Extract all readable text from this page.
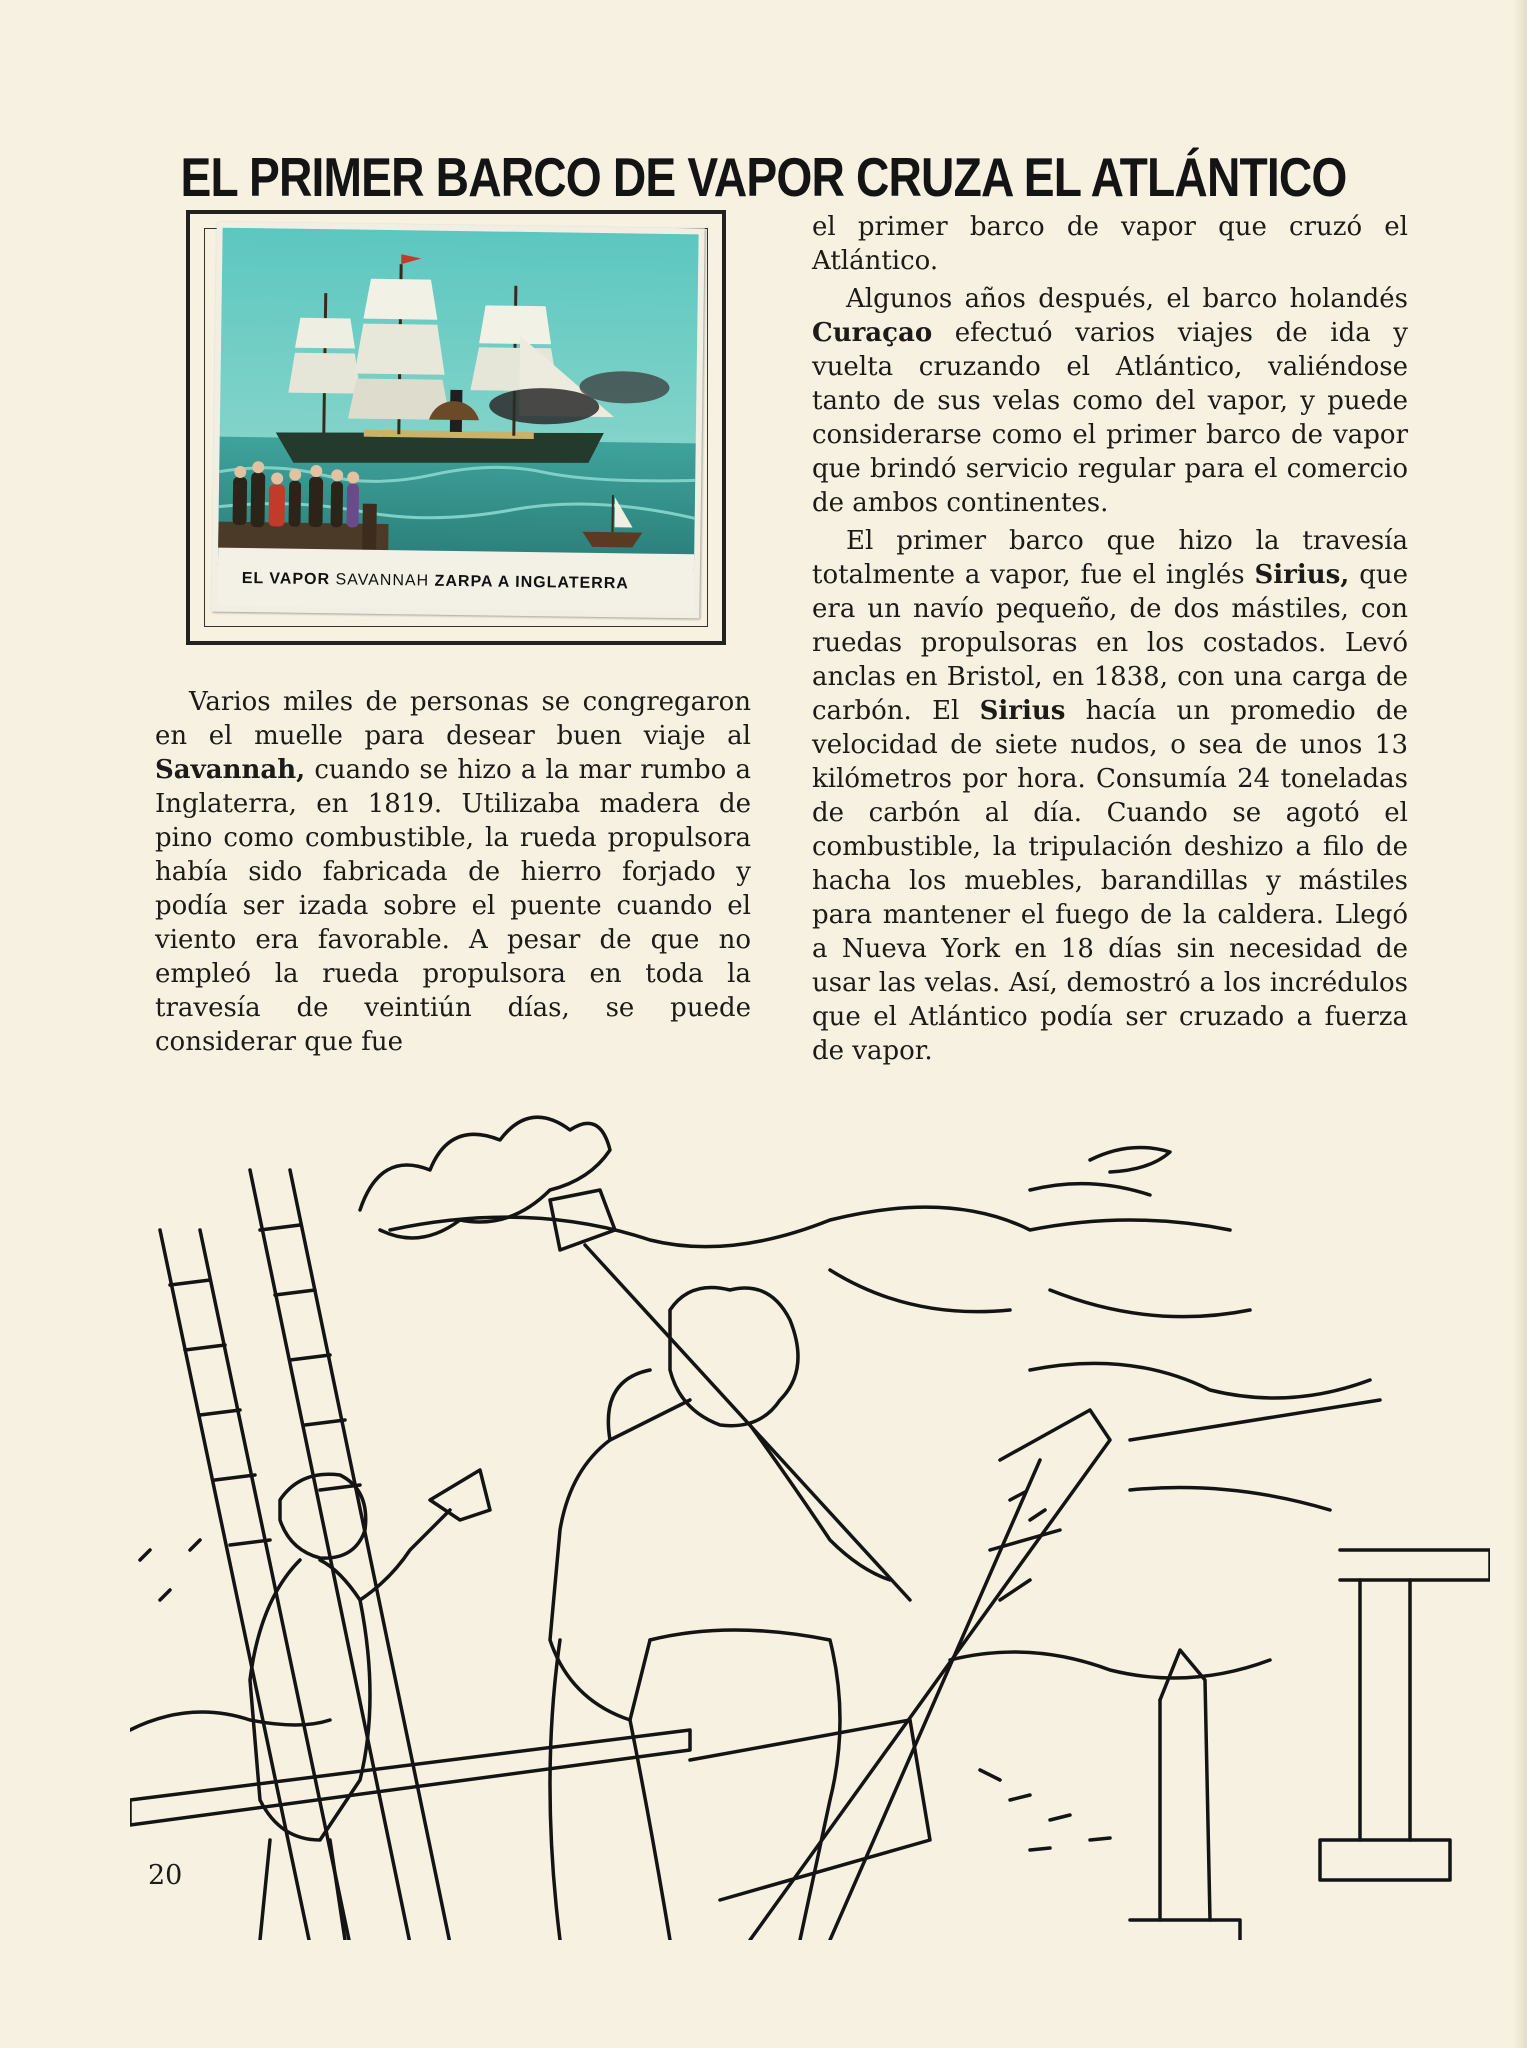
EL PRIMER BARCO DE VAPOR CRUZA EL ATLÁNTICO
EL VAPOR SAVANNAH ZARPA A INGLATERRA

Varios miles de personas se congregaron en el muelle para desear buen viaje al Savannah, cuando se hizo a la mar rumbo a Inglaterra, en 1819. Utilizaba madera de pino como combustible, la rueda propulsora había sido fabricada de hierro forjado y podía ser izada sobre el puente cuando el viento era favorable. A pesar de que no empleó la rueda propulsora en toda la travesía de veintiún días, se puede considerar que fue

el primer barco de vapor que cruzó el Atlántico.

Algunos años después, el barco holandés Curaçao efectuó varios viajes de ida y vuelta cruzando el Atlántico, valiéndose tanto de sus velas como del vapor, y puede considerarse como el primer barco de vapor que brindó servicio regular para el comercio de ambos continentes.

El primer barco que hizo la travesía totalmente a vapor, fue el inglés Sirius, que era un navío pequeño, de dos mástiles, con ruedas propulsoras en los costados. Levó anclas en Bristol, en 1838, con una carga de carbón. El Sirius hacía un promedio de velocidad de siete nudos, o sea de unos 13 kilómetros por hora. Consumía 24 toneladas de carbón al día. Cuando se agotó el combustible, la tripulación deshizo a filo de hacha los muebles, barandillas y mástiles para mantener el fuego de la caldera. Llegó a Nueva York en 18 días sin necesidad de usar las velas. Así, demostró a los incrédulos que el Atlántico podía ser cruzado a fuerza de vapor.

20
